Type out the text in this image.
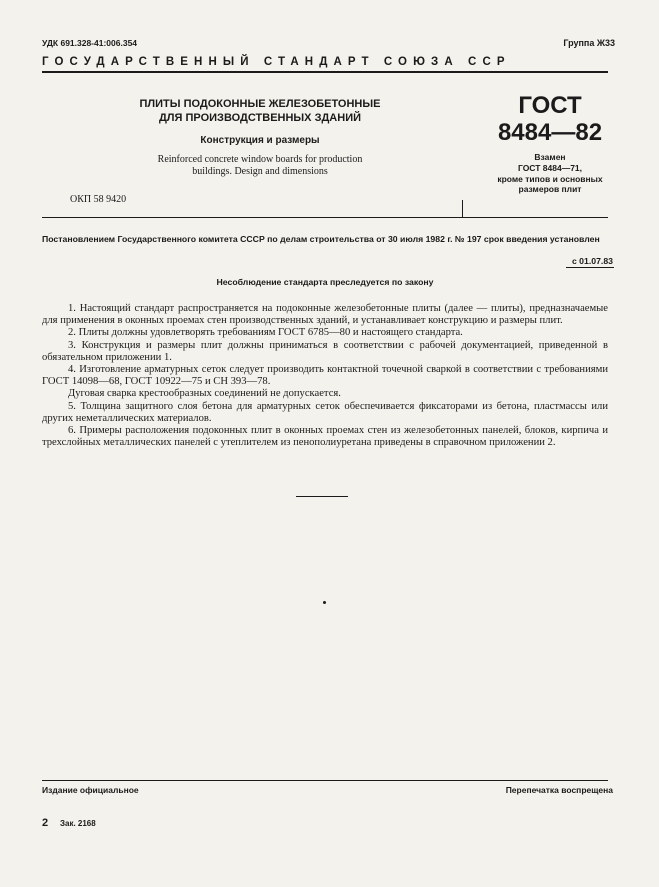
УДК 691.328-41:006.354	Группа Ж33
ГОСУДАРСТВЕННЫЙ СТАНДАРТ СОЮЗА ССР
ПЛИТЫ ПОДОКОННЫЕ ЖЕЛЕЗОБЕТОННЫЕ
ДЛЯ ПРОИЗВОДСТВЕННЫХ ЗДАНИЙ
Конструкция и размеры
Reinforced concrete window boards for production
buildings. Design and dimensions
ОКП 58 9420
ГОСТ
8484—82
Взамен
ГОСТ 8484—71,
кроме типов и основных
размеров плит
Постановлением Государственного комитета СССР по делам строительства от 30 июля 1982 г. № 197 срок введения установлен
с 01.07.83
Несоблюдение стандарта преследуется по закону

1. Настоящий стандарт распространяется на подоконные железобетонные плиты (далее — плиты), предназначаемые для применения в оконных проемах стен производственных зданий, и устанавливает конструкцию и размеры плит.

2. Плиты должны удовлетворять требованиям ГОСТ 6785—80 и настоящего стандарта.

3. Конструкция и размеры плит должны приниматься в соответствии с рабочей документацией, приведенной в обязательном приложении 1.

4. Изготовление арматурных сеток следует производить контактной точечной сваркой в соответствии с требованиями ГОСТ 14098—68, ГОСТ 10922—75 и СН 393—78.

Дуговая сварка крестообразных соединений не допускается.

5. Толщина защитного слоя бетона для арматурных сеток обеспечивается фиксаторами из бетона, пластмассы или других неметаллических материалов.

6. Примеры расположения подоконных плит в оконных проемах стен из железобетонных панелей, блоков, кирпича и трехслойных металлических панелей с утеплителем из пенополиуретана приведены в справочном приложении 2.

Издание официальное	Перепечатка воспрещена
2 Зак. 2168
